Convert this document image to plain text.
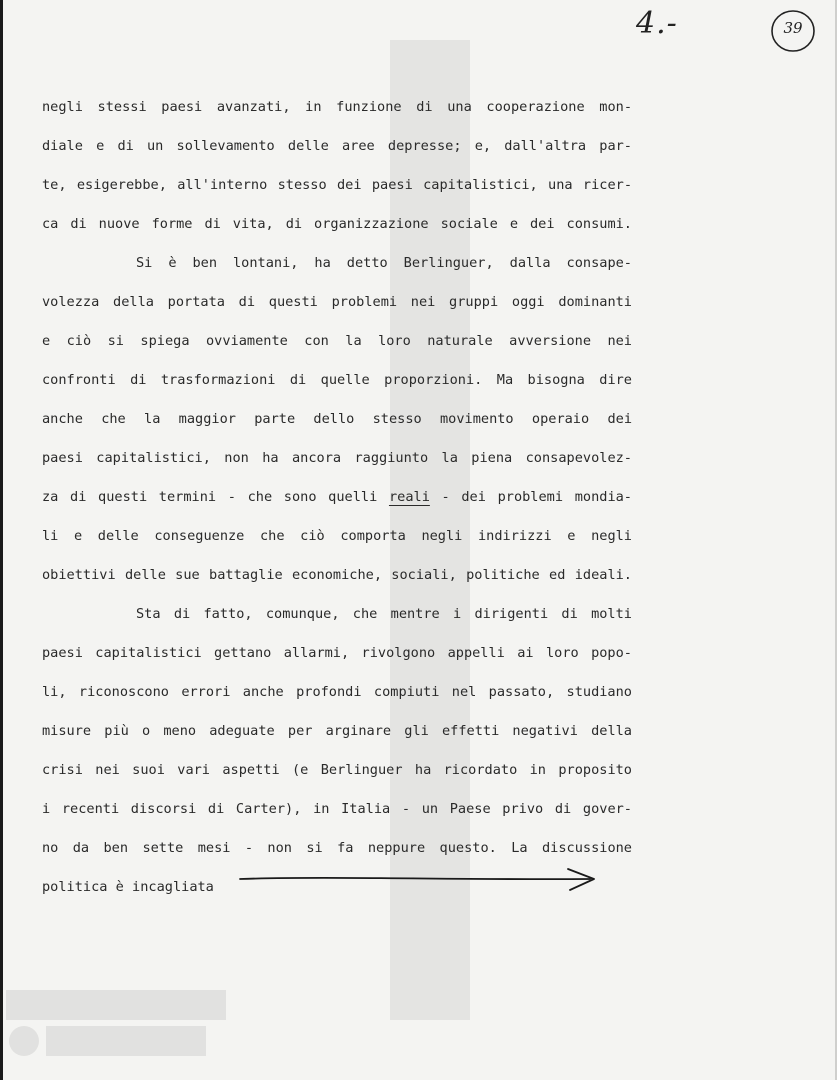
4.-	39
negli stessi paesi avanzati, in funzione di una cooperazione mon-
diale e di un sollevamento delle aree depresse; e, dall'altra par-
te, esigerebbe, all'interno stesso dei paesi capitalistici, una ricer-
ca di nuove forme di vita, di organizzazione sociale e dei consumi.
Si è ben lontani, ha detto Berlinguer, dalla consape-
volezza della portata di questi problemi nei gruppi oggi dominanti
e ciò si spiega ovviamente con la loro naturale avversione nei
confronti di trasformazioni di quelle proporzioni. Ma bisogna dire
anche che la maggior parte dello stesso movimento operaio dei
paesi capitalistici, non ha ancora raggiunto la piena consapevolez-
za di questi termini - che sono quelli reali - dei problemi mondia-
li e delle conseguenze che ciò comporta negli indirizzi e negli
obiettivi delle sue battaglie economiche, sociali, politiche ed ideali.
Sta di fatto, comunque, che mentre i dirigenti di molti
paesi capitalistici gettano allarmi, rivolgono appelli ai loro popo-
li, riconoscono errori anche profondi compiuti nel passato, studiano
misure più o meno adeguate per arginare gli effetti negativi della
crisi nei suoi vari aspetti (e Berlinguer ha ricordato in proposito
i recenti discorsi di Carter), in Italia - un Paese privo di gover-
no da ben sette mesi - non si fa neppure questo. La discussione
politica è incagliata
